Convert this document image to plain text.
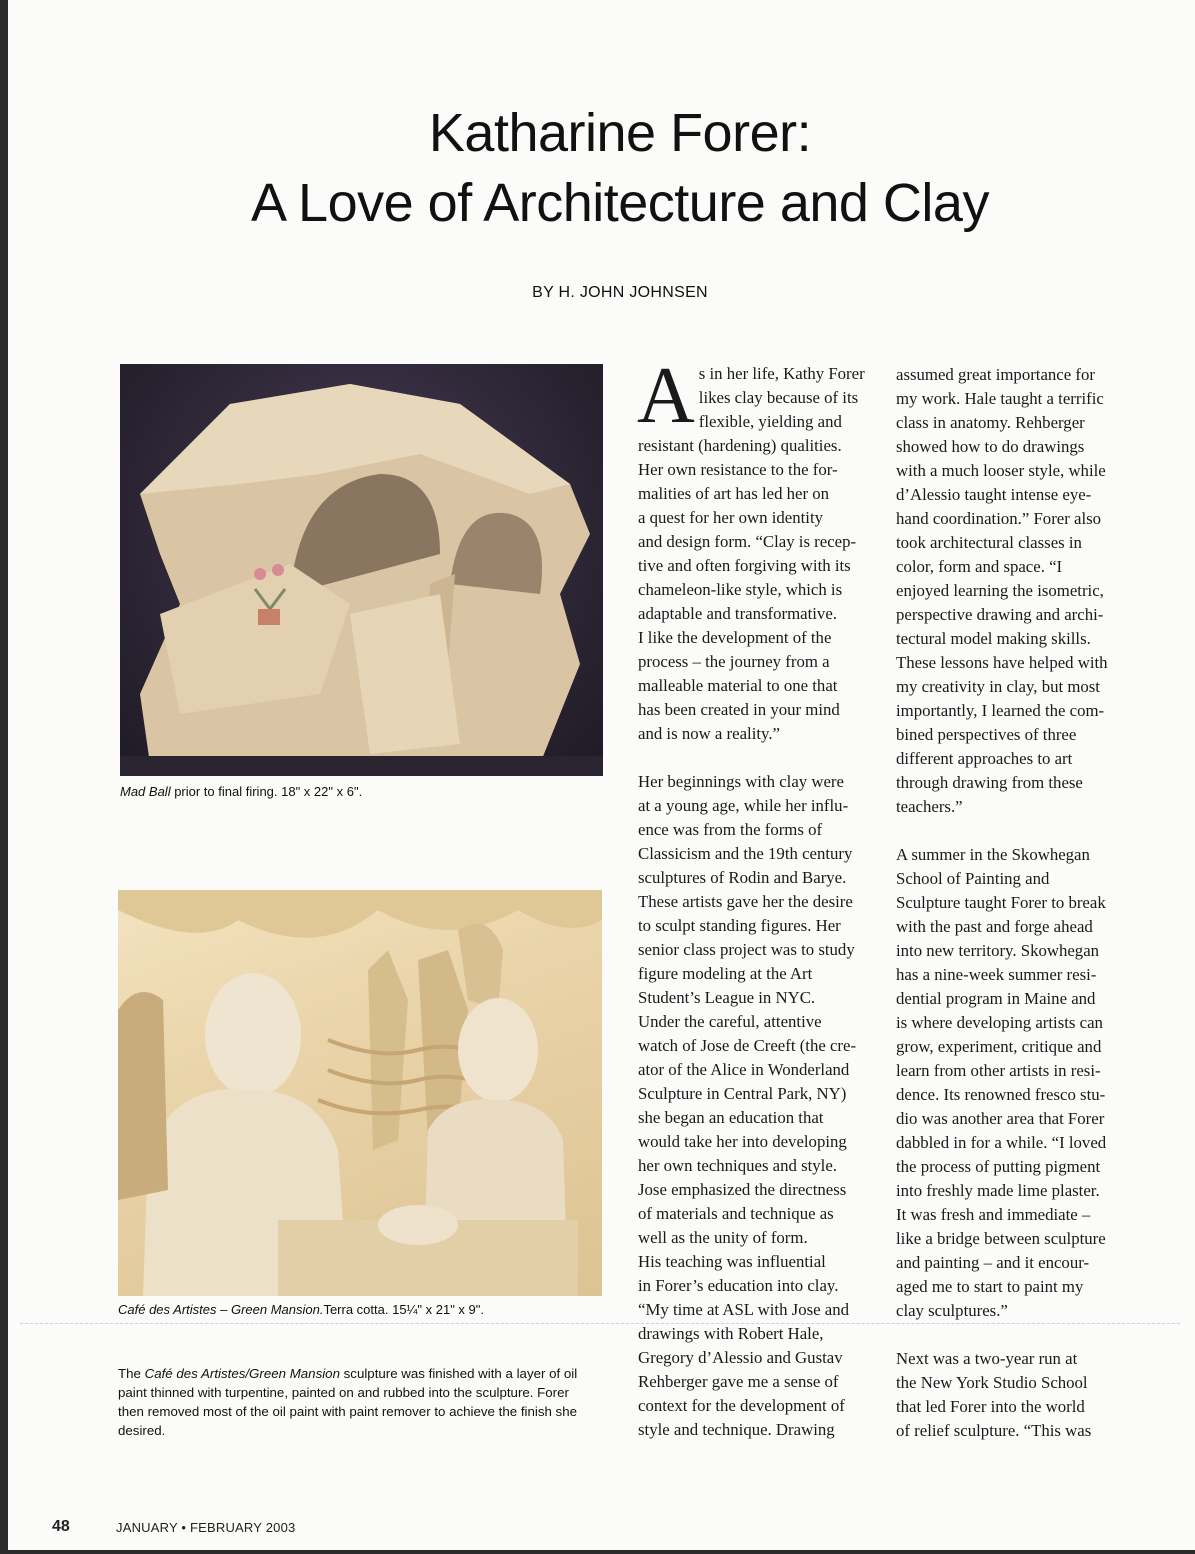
Katharine Forer:
A Love of Architecture and Clay
BY H. JOHN JOHNSEN
Mad Ball prior to final firing. 18" x 22" x 6".
Café des Artistes – Green Mansion.Terra cotta. 15¼" x 21" x 9".
The Café des Artistes/Green Mansion sculpture was finished with a layer of oil paint thinned with turpentine, painted on and rubbed into the sculpture. Forer then removed most of the oil paint with paint remover to achieve the finish she desired.
A s in her life, Kathy Forer
likes clay because of its
flexible, yielding and
resistant (hardening) qualities.
Her own resistance to the for-
malities of art has led her on
a quest for her own identity
and design form. “Clay is recep-
tive and often forgiving with its
chameleon-like style, which is
adaptable and transformative.
I like the development of the
process – the journey from a
malleable material to one that
has been created in your mind
and is now a reality.”
Her beginnings with clay were
at a young age, while her influ-
ence was from the forms of
Classicism and the 19th century
sculptures of Rodin and Barye.
These artists gave her the desire
to sculpt standing figures. Her
senior class project was to study
figure modeling at the Art
Student’s League in NYC.
Under the careful, attentive
watch of Jose de Creeft (the cre-
ator of the Alice in Wonderland
Sculpture in Central Park, NY)
she began an education that
would take her into developing
her own techniques and style.
Jose emphasized the directness
of materials and technique as
well as the unity of form.
His teaching was influential
in Forer’s education into clay.
“My time at ASL with Jose and
drawings with Robert Hale,
Gregory d’Alessio and Gustav
Rehberger gave me a sense of
context for the development of
style and technique. Drawing
assumed great importance for
my work. Hale taught a terrific
class in anatomy. Rehberger
showed how to do drawings
with a much looser style, while
d’Alessio taught intense eye-
hand coordination.” Forer also
took architectural classes in
color, form and space. “I
enjoyed learning the isometric,
perspective drawing and archi-
tectural model making skills.
These lessons have helped with
my creativity in clay, but most
importantly, I learned the com-
bined perspectives of three
different approaches to art
through drawing from these
teachers.”
A summer in the Skowhegan
School of Painting and
Sculpture taught Forer to break
with the past and forge ahead
into new territory. Skowhegan
has a nine-week summer resi-
dential program in Maine and
is where developing artists can
grow, experiment, critique and
learn from other artists in resi-
dence. Its renowned fresco stu-
dio was another area that Forer
dabbled in for a while. “I loved
the process of putting pigment
into freshly made lime plaster.
It was fresh and immediate –
like a bridge between sculpture
and painting – and it encour-
aged me to start to paint my
clay sculptures.”
Next was a two-year run at
the New York Studio School
that led Forer into the world
of relief sculpture. “This was
48	JANUARY • FEBRUARY 2003
